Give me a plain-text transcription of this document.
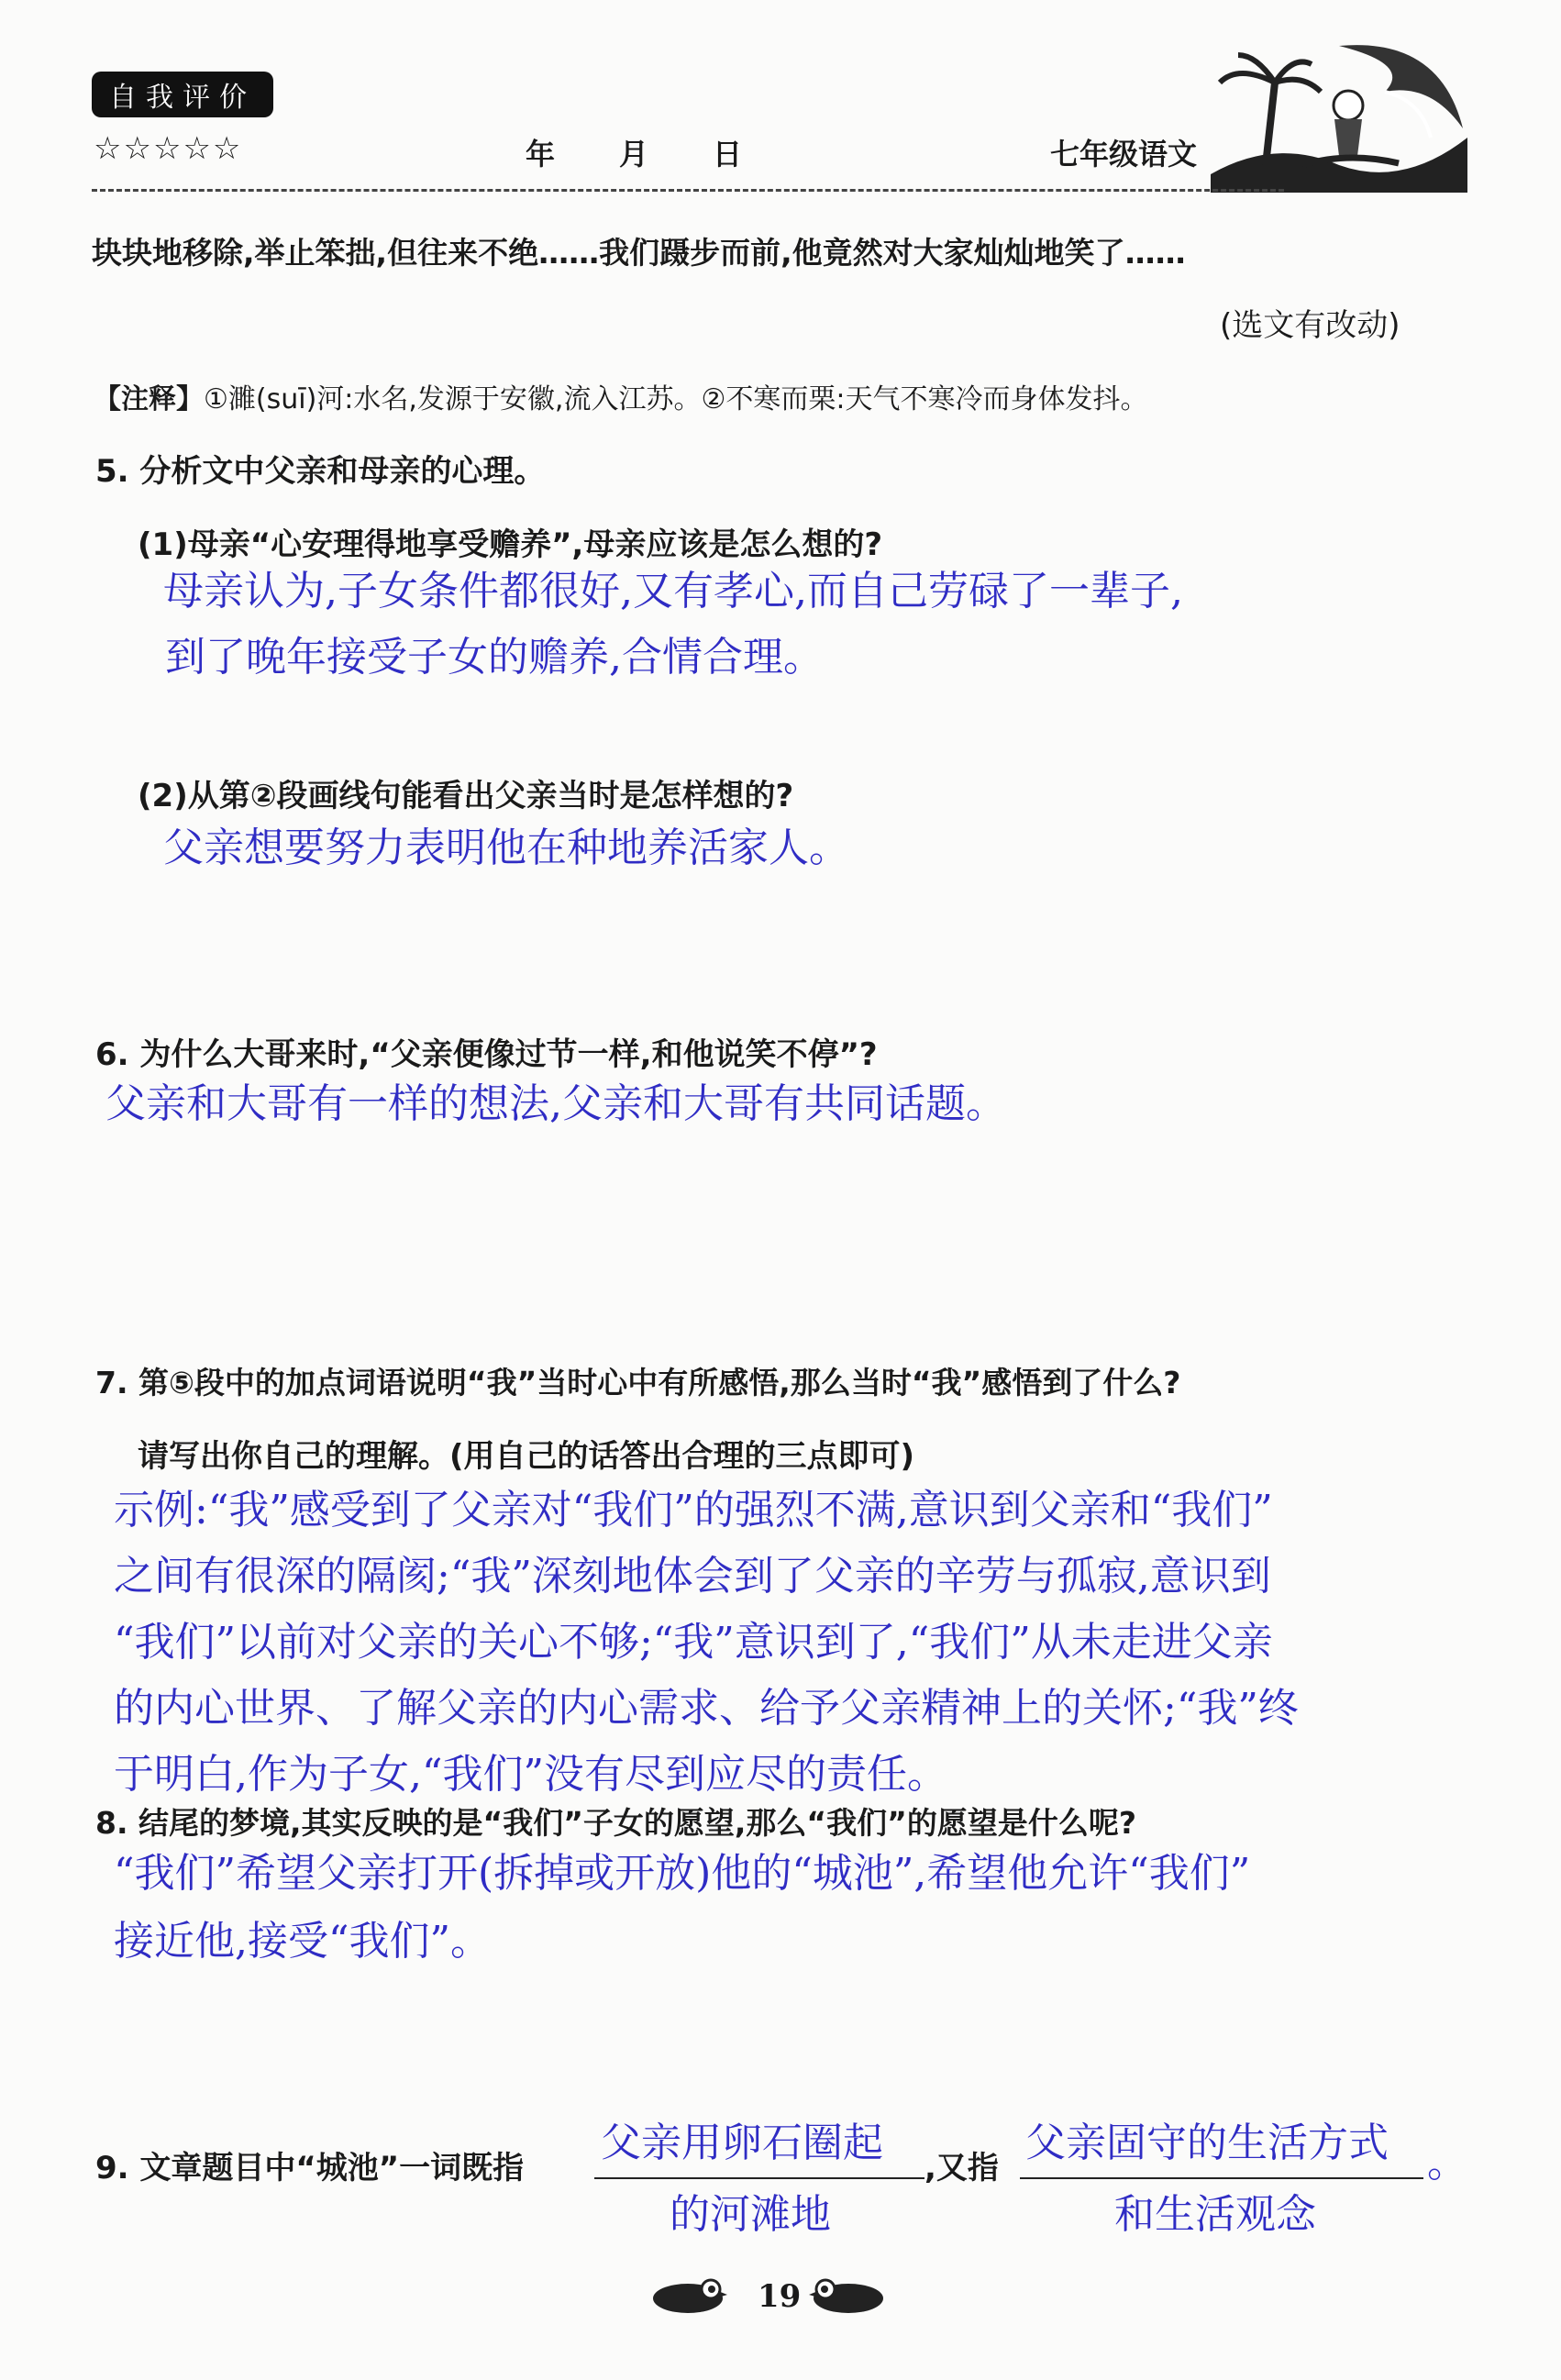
自我评价
☆☆☆☆☆	年 月 日	七年级语文
块块地移除,举止笨拙,但往来不绝……我们蹑步而前,他竟然对大家灿灿地笑了……
(选文有改动)
【注释】①濉(suī)河:水名,发源于安徽,流入江苏。②不寒而栗:天气不寒冷而身体发抖。
5. 分析文中父亲和母亲的心理。
(1)母亲“心安理得地享受赡养”,母亲应该是怎么想的?
母亲认为,子女条件都很好,又有孝心,而自己劳碌了一辈子,
到了晚年接受子女的赡养,合情合理。
(2)从第②段画线句能看出父亲当时是怎样想的?
父亲想要努力表明他在种地养活家人。
6. 为什么大哥来时,“父亲便像过节一样,和他说笑不停”?
父亲和大哥有一样的想法,父亲和大哥有共同话题。
7. 第⑤段中的加点词语说明“我”当时心中有所感悟,那么当时“我”感悟到了什么?
请写出你自己的理解。(用自己的话答出合理的三点即可)
示例:“我”感受到了父亲对“我们”的强烈不满,意识到父亲和“我们”
之间有很深的隔阂;“我”深刻地体会到了父亲的辛劳与孤寂,意识到
“我们”以前对父亲的关心不够;“我”意识到了,“我们”从未走进父亲
的内心世界、了解父亲的内心需求、给予父亲精神上的关怀;“我”终
于明白,作为子女,“我们”没有尽到应尽的责任。
8. 结尾的梦境,其实反映的是“我们”子女的愿望,那么“我们”的愿望是什么呢?
“我们”希望父亲打开(拆掉或开放)他的“城池”,希望他允许“我们”
接近他,接受“我们”。
9. 文章题目中“城池”一词既指
父亲用卵石圈起
的河滩地
,又指
父亲固守的生活方式
和生活观念
。
19
